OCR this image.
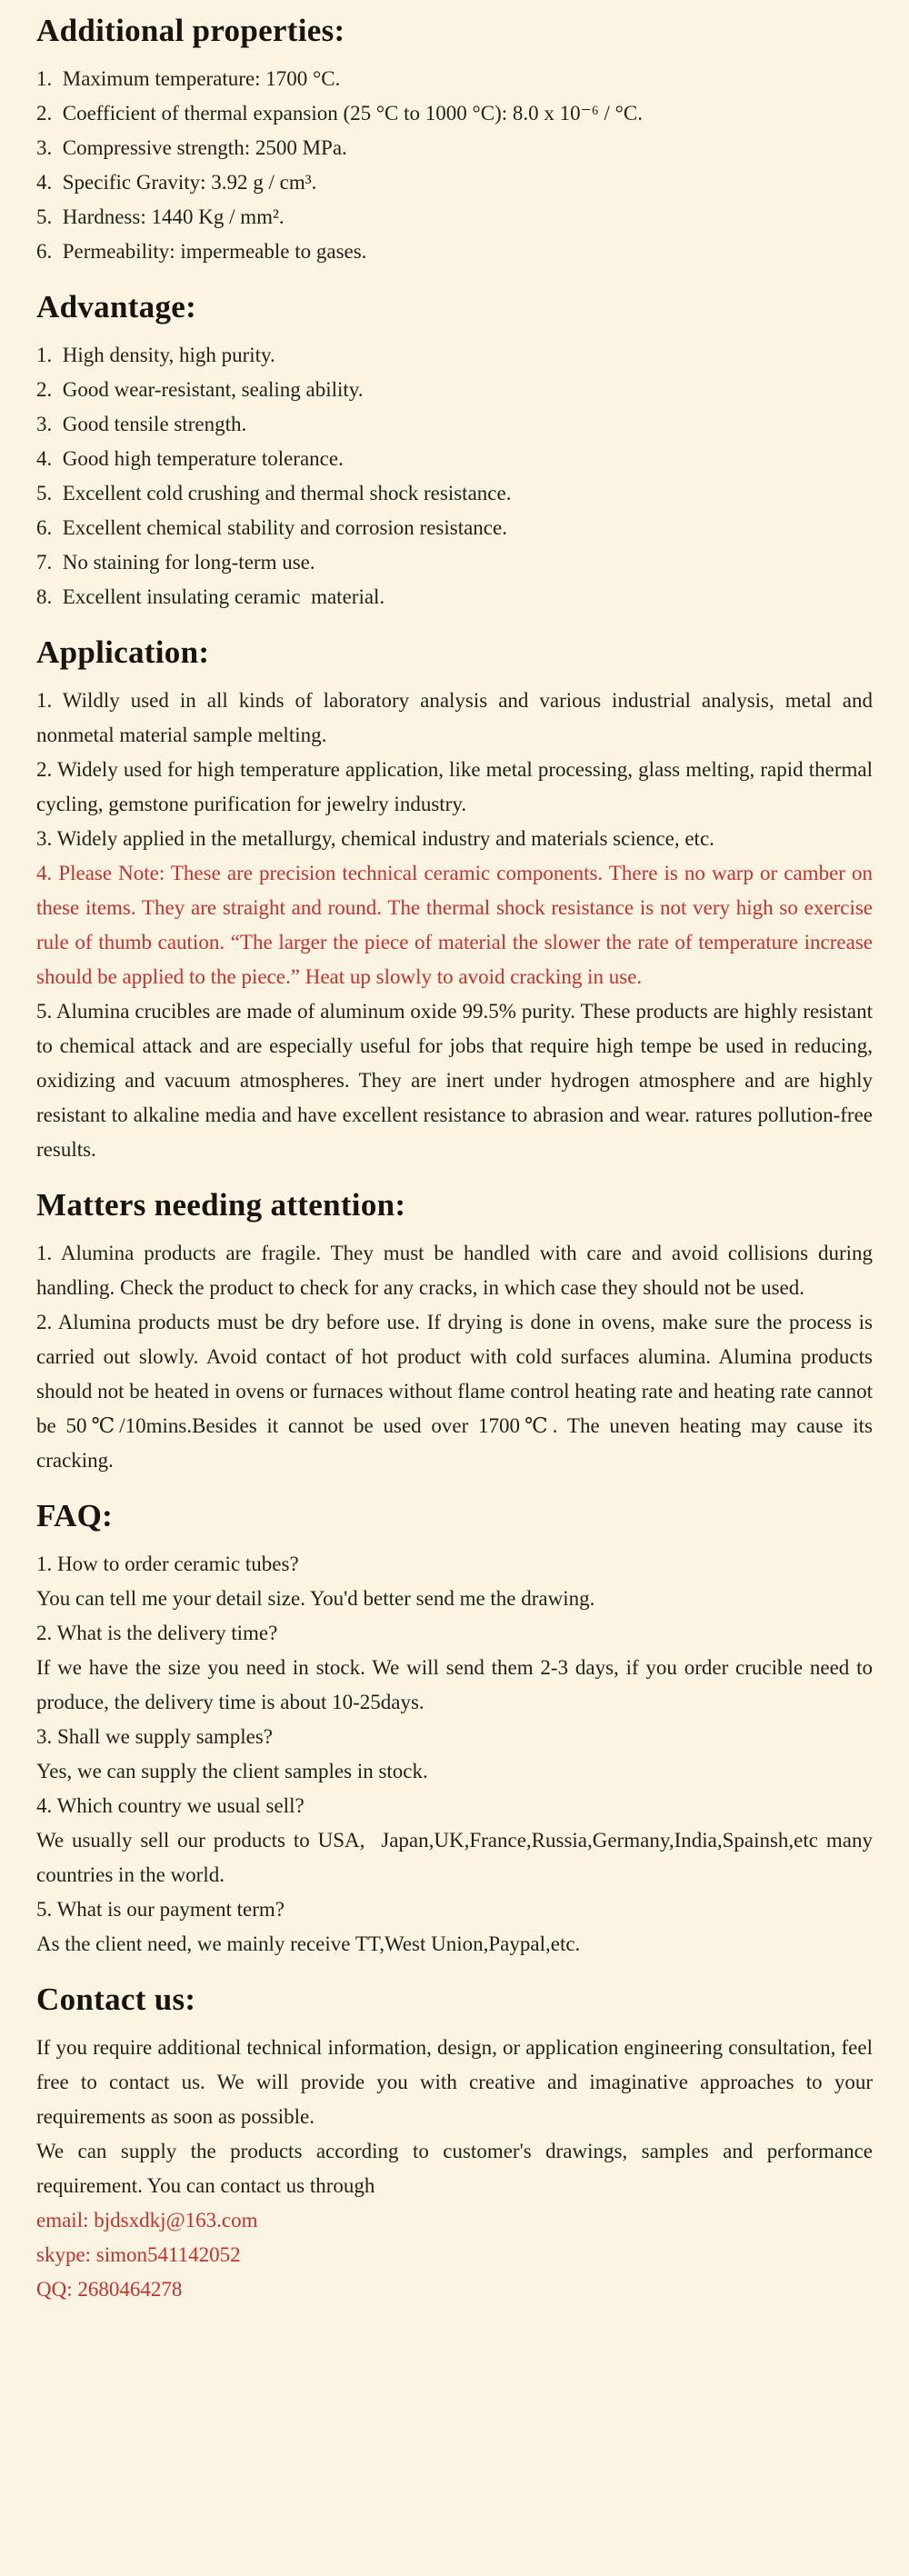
Additional properties:

1.  Maximum temperature: 1700 °C.

2.  Coefficient of thermal expansion (25 °C to 1000 °C): 8.0 x 10⁻⁶ / °C.

3.  Compressive strength: 2500 MPa.

4.  Specific Gravity: 3.92 g / cm³.

5.  Hardness: 1440 Kg / mm².

6.  Permeability: impermeable to gases.

Advantage:

1.  High density, high purity.

2.  Good wear-resistant, sealing ability.

3.  Good tensile strength.

4.  Good high temperature tolerance.

5.  Excellent cold crushing and thermal shock resistance.

6.  Excellent chemical stability and corrosion resistance.

7.  No staining for long-term use.

8.  Excellent insulating ceramic  material.

Application:

1. Wildly used in all kinds of laboratory analysis and various industrial analysis, metal and nonmetal material sample melting.

2. Widely used for high temperature application, like metal processing, glass melting, rapid thermal cycling, gemstone purification for jewelry industry.

3. Widely applied in the metallurgy, chemical industry and materials science, etc.

4. Please Note: These are precision technical ceramic components. There is no warp or camber on these items. They are straight and round. The thermal shock resistance is not very high so exercise rule of thumb caution. “The larger the piece of material the slower the rate of temperature increase should be applied to the piece.” Heat up slowly to avoid cracking in use.

5. Alumina crucibles are made of aluminum oxide 99.5% purity. These products are highly resistant to chemical attack and are especially useful for jobs that require high tempe be used in reducing, oxidizing and vacuum atmospheres. They are inert under hydrogen atmosphere and are highly resistant to alkaline media and have excellent resistance to abrasion and wear. ratures pollution-free results.

Matters needing attention:

1. Alumina products are fragile. They must be handled with care and avoid collisions during handling. Check the product to check for any cracks, in which case they should not be used.

2. Alumina products must be dry before use. If drying is done in ovens, make sure the process is carried out slowly. Avoid contact of hot product with cold surfaces alumina. Alumina products should not be heated in ovens or furnaces without flame control heating rate and heating rate cannot be 50℃/10mins.Besides it cannot be used over 1700℃. The uneven heating may cause its cracking.

FAQ:

1. How to order ceramic tubes?

You can tell me your detail size. You'd better send me the drawing.

2. What is the delivery time?

If we have the size you need in stock. We will send them 2-3 days, if you order crucible need to produce, the delivery time is about 10-25days.

3. Shall we supply samples?

Yes, we can supply the client samples in stock.

4. Which country we usual sell?

We usually sell our products to USA,  Japan,UK,France,Russia,Germany,India,Spainsh,etc many countries in the world.

5. What is our payment term?

As the client need, we mainly receive TT,West Union,Paypal,etc.

Contact us:

If you require additional technical information, design, or application engineering consultation, feel free to contact us. We will provide you with creative and imaginative approaches to your requirements as soon as possible.

We can supply the products according to customer's drawings, samples and performance requirement. You can contact us through

email: bjdsxdkj@163.com

skype: simon541142052

QQ: 2680464278
